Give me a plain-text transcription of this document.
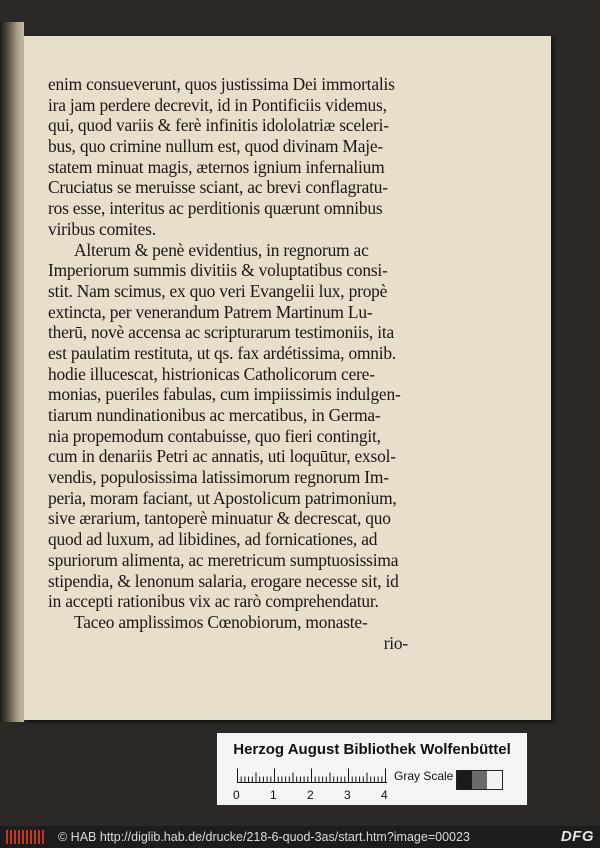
enim consueverunt, quos justissima Dei immortalis
ira jam perdere decrevit, id in Pontificiis videmus,
qui, quod variis & ferè infinitis idololatriæ sceleri-
bus, quo crimine nullum est, quod divinam Maje-
statem minuat magis, æternos ignium infernalium
Cruciatus se meruisse sciant, ac brevi conflagratu-
ros esse, interitus ac perditionis quærunt omnibus
viribus comites.
Alterum & penè evidentius, in regnorum ac
Imperiorum summis divitiis & voluptatibus consi-
stit. Nam scimus, ex quo veri Evangelii lux, propè
extincta, per venerandum Patrem Martinum Lu-
therū, novè accensa ac scripturarum testimoniis, ita
est paulatim restituta, ut qs. fax ardétissima, omnib.
hodie illucescat, histrionicas Catholicorum cere-
monias, pueriles fabulas, cum impiissimis indulgen-
tiarum nundinationibus ac mercatibus, in Germa-
nia propemodum contabuisse, quo fieri contingit,
cum in denariis Petri ac annatis, uti loquūtur, exsol-
vendis, populosissima latissimorum regnorum Im-
peria, moram faciant, ut Apostolicum patrimonium,
sive ærarium, tantoperè minuatur & decrescat, quo
quod ad luxum, ad libidines, ad fornicationes, ad
spuriorum alimenta, ac meretricum sumptuosissima
stipendia, & lenonum salaria, erogare necesse sit, id
in accepti rationibus vix ac rarò comprehendatur.
Taceo amplissimos Cœnobiorum, monaste-
rio-
Herzog August Bibliothek Wolfenbüttel
0	1	2	3	4
Gray Scale
© HAB http://diglib.hab.de/drucke/218-6-quod-3as/start.htm?image=00023	DFG
